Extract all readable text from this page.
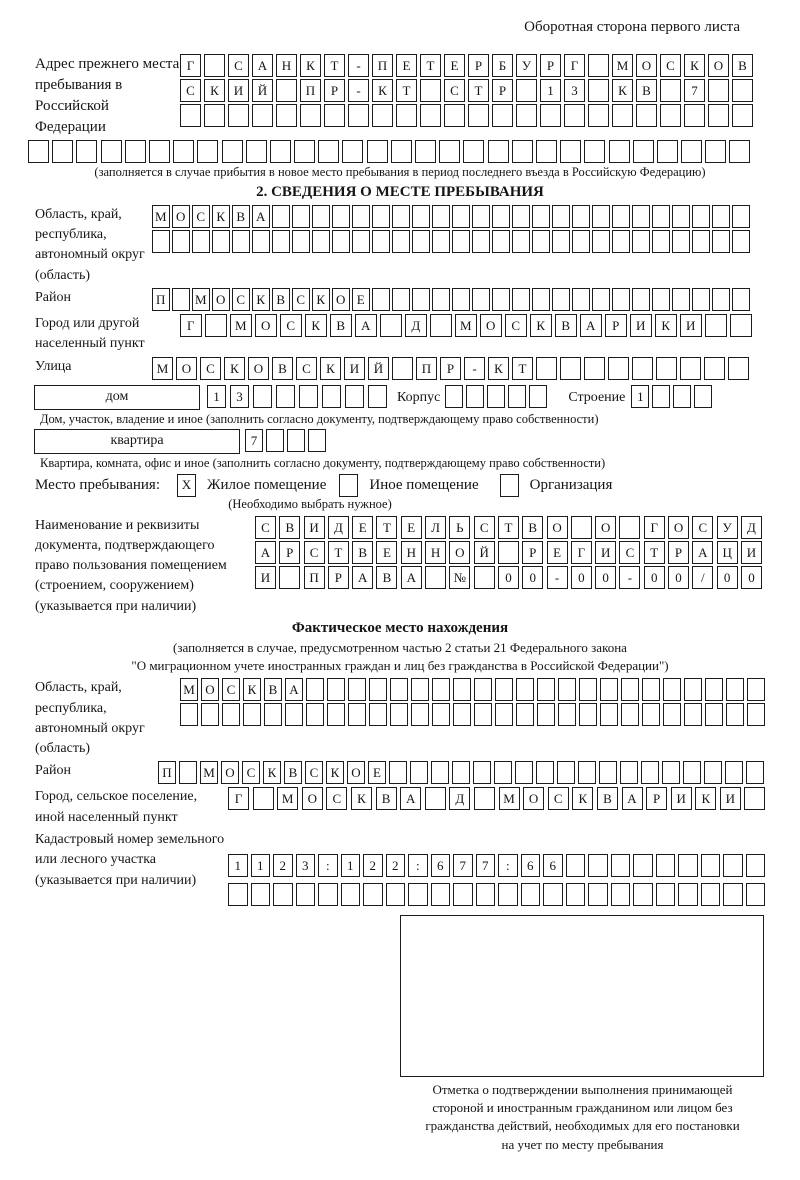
Оборотная сторона первого листа
Адрес прежнего места пребывания в Российской Федерации
Г	С	А	Н	К	Т	-	П	Е	Т	Е	Р	Б	У	Р	Г	М	О	С	К	О	В
С	К	И	Й	П	Р	-	К	Т	С	Т	Р	1	3	К	В	7
(заполняется в случае прибытия в новое место пребывания в период последнего въезда в Российскую Федерацию)
2. СВЕДЕНИЯ О МЕСТЕ ПРЕБЫВАНИЯ
Область, край, республика, автономный округ (область)
М О С К В А
Район	П	М О С К В С К О Е
Город или другой населенный пункт
Г	М	О	С	К	В	А	Д	М	О	С	К	В	А	Р	И	К	И
Улица	М	О	С	К	О	В	С	К	И	Й	П	Р	-	К	Т
дом	1	3	Корпус	Строение 1
Дом, участок, владение и иное (заполнить согласно документу, подтверждающему право собственности)
квартира	7
Квартира, комната, офис и иное (заполнить согласно документу, подтверждающему право собственности)
Место пребывания:	X	Жилое помещение	Иное помещение	Организация
(Необходимо выбрать нужное)
Наименование и реквизиты документа, подтверждающего право пользования помещением (строением, сооружением) (указывается при наличии)
С	В	И	Д	Е	Т	Е	Л	Ь	С	Т	В	О	О	Г	О	С	У	Д
А	Р	С	Т	В	Е	Н	Н	О	Й	Р	Е	Г	И	С	Т	Р	А	Ц	И
И	П	Р	А	В	А	№	0	0	-	0	0	-	0	0	/	0	0
Фактическое место нахождения
(заполняется в случае, предусмотренном частью 2 статьи 21 Федерального закона
"О миграционном учете иностранных граждан и лиц без гражданства в Российской Федерации")
Область, край, республика, автономный округ (область)
М О С К В А
Район	П	М О С К В С К О Е
Город, сельское поселение, иной населенный пункт
Г	М	О	С	К	В	А	Д	М	О	С	К	В	А	Р	И	К	И
Кадастровый номер земельного или лесного участка (указывается при наличии)
1	1	2	3	:	1	2	2	:	6	7	7	:	6	6
Отметка о подтверждении выполнения принимающей
стороной и иностранным гражданином или лицом без
гражданства действий, необходимых для его постановки
на учет по месту пребывания
